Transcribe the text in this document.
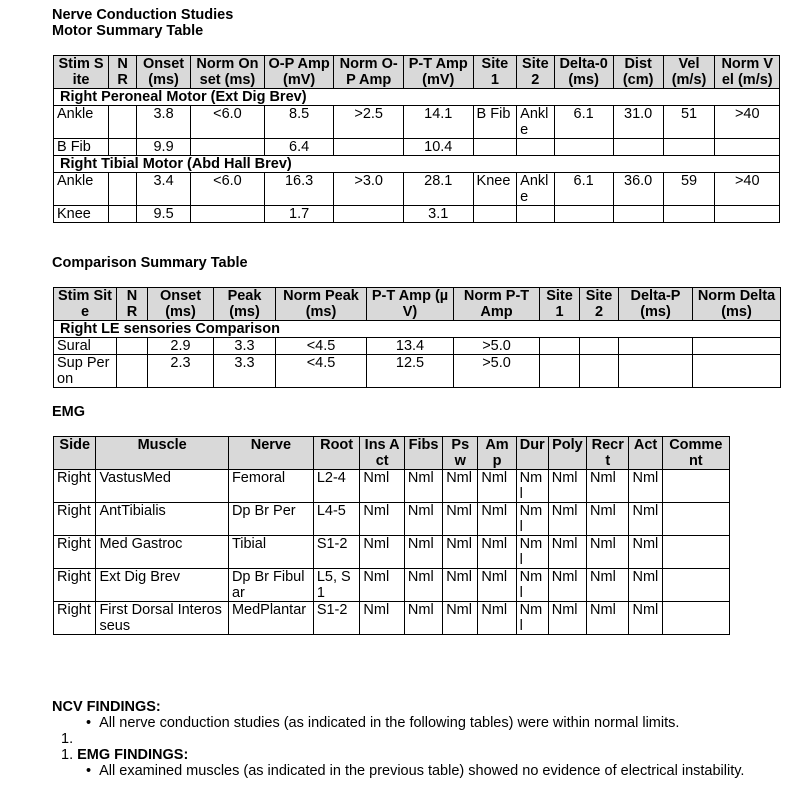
Nerve Conduction Studies
Motor Summary Table
Stim Site	N R	Onset (ms)	Norm Onset (ms)	O-P Amp (mV)	Norm O-P Amp	P-T Amp (mV)	Site 1	Site 2	Delta-0 (ms)	Dist (cm)	Vel (m/s)	Norm Vel (m/s)
Right Peroneal Motor (Ext Dig Brev)												
Ankle		3.8	<6.0	8.5	>2.5	14.1	B Fib	Ankle	6.1	31.0	51	>40
B Fib		9.9		6.4		10.4						
Right Tibial Motor (Abd Hall Brev)												
Ankle		3.4	<6.0	16.3	>3.0	28.1	Knee	Ankle	6.1	36.0	59	>40
Knee		9.5		1.7		3.1						
Comparison Summary Table
Stim Site	N R	Onset (ms)	Peak (ms)	Norm Peak (ms)	P-T Amp (µV)	Norm P-T Amp	Site1	Site2	Delta-P (ms)	Norm Delta (ms)
Right LE sensories Comparison										
Sural		2.9	3.3	<4.5	13.4	>5.0				
Sup Peron		2.3	3.3	<4.5	12.5	>5.0				
EMG
Side	Muscle	Nerve	Root	Ins Act	Fibs	Psw	Amp	Dur	Poly	Recrt	Act	Comment
Right	VastusMed	Femoral	L2-4	Nml	Nml	Nml	Nml	Nml	Nml	Nml	Nml	
Right	AntTibialis	Dp Br Per	L4-5	Nml	Nml	Nml	Nml	Nml	Nml	Nml	Nml	
Right	Med Gastroc	Tibial	S1-2	Nml	Nml	Nml	Nml	Nml	Nml	Nml	Nml	
Right	Ext Dig Brev	Dp Br Fibular	L5, S1	Nml	Nml	Nml	Nml	Nml	Nml	Nml	Nml	
Right	First Dorsal Interosseus	MedPlantar	S1-2	Nml	Nml	Nml	Nml	Nml	Nml	Nml	Nml	
NCV FINDINGS:
•  All nerve conduction studies (as indicated in the following tables) were within normal limits.
1.
1. EMG FINDINGS:
•  All examined muscles (as indicated in the previous table) showed no evidence of electrical instability.
